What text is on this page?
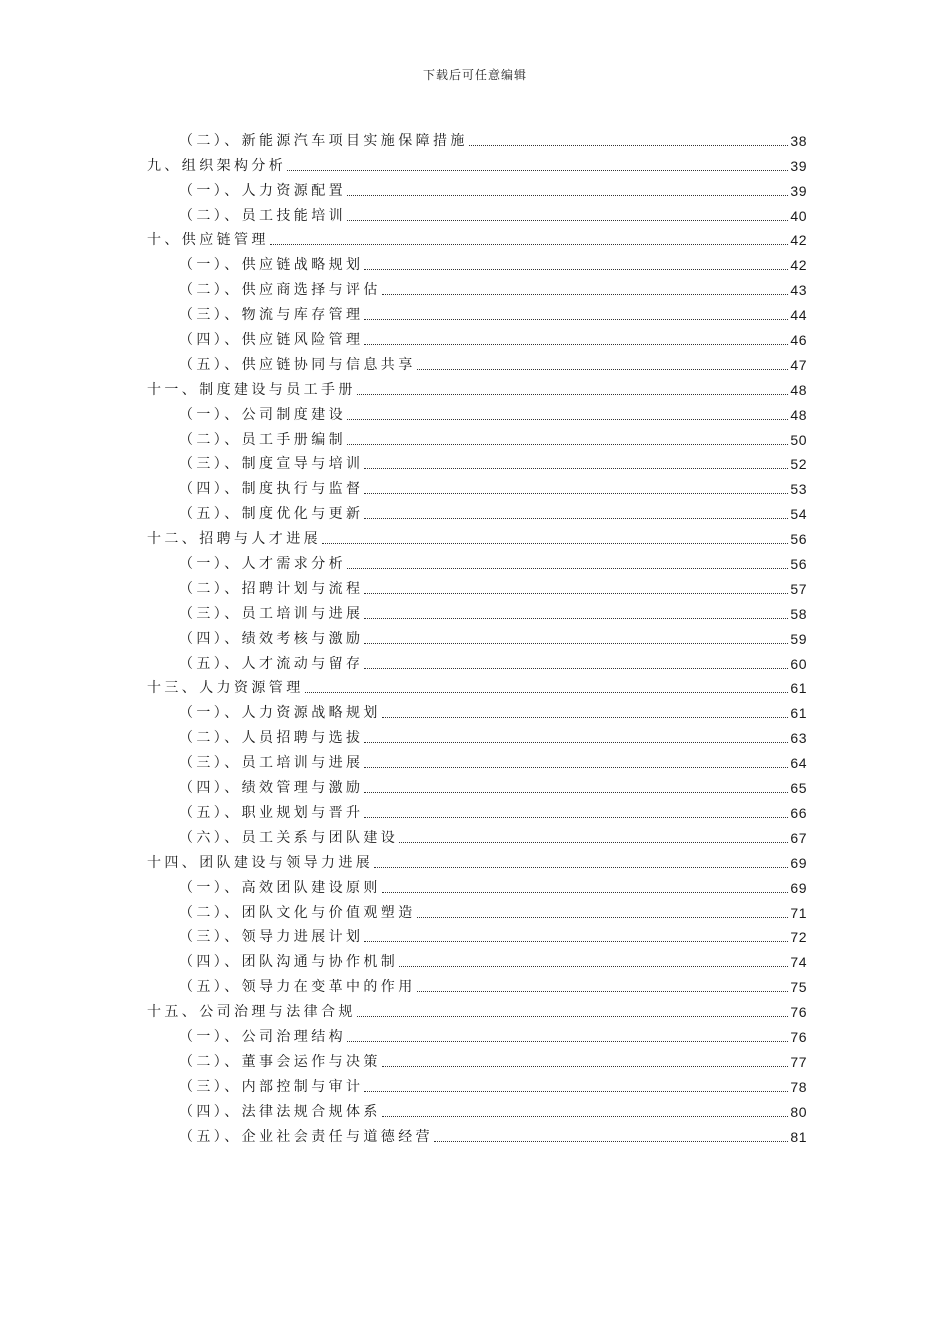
下载后可任意编辑
（二）、新能源汽车项目实施保障措施	38
九、组织架构分析	39
（一）、人力资源配置	39
（二）、员工技能培训	40
十、供应链管理	42
（一）、供应链战略规划	42
（二）、供应商选择与评估	43
（三）、物流与库存管理	44
（四）、供应链风险管理	46
（五）、供应链协同与信息共享	47
十一、制度建设与员工手册	48
（一）、公司制度建设	48
（二）、员工手册编制	50
（三）、制度宣导与培训	52
（四）、制度执行与监督	53
（五）、制度优化与更新	54
十二、招聘与人才进展	56
（一）、人才需求分析	56
（二）、招聘计划与流程	57
（三）、员工培训与进展	58
（四）、绩效考核与激励	59
（五）、人才流动与留存	60
十三、人力资源管理	61
（一）、人力资源战略规划	61
（二）、人员招聘与选拔	63
（三）、员工培训与进展	64
（四）、绩效管理与激励	65
（五）、职业规划与晋升	66
（六）、员工关系与团队建设	67
十四、团队建设与领导力进展	69
（一）、高效团队建设原则	69
（二）、团队文化与价值观塑造	71
（三）、领导力进展计划	72
（四）、团队沟通与协作机制	74
（五）、领导力在变革中的作用	75
十五、公司治理与法律合规	76
（一）、公司治理结构	76
（二）、董事会运作与决策	77
（三）、内部控制与审计	78
（四）、法律法规合规体系	80
（五）、企业社会责任与道德经营	81
